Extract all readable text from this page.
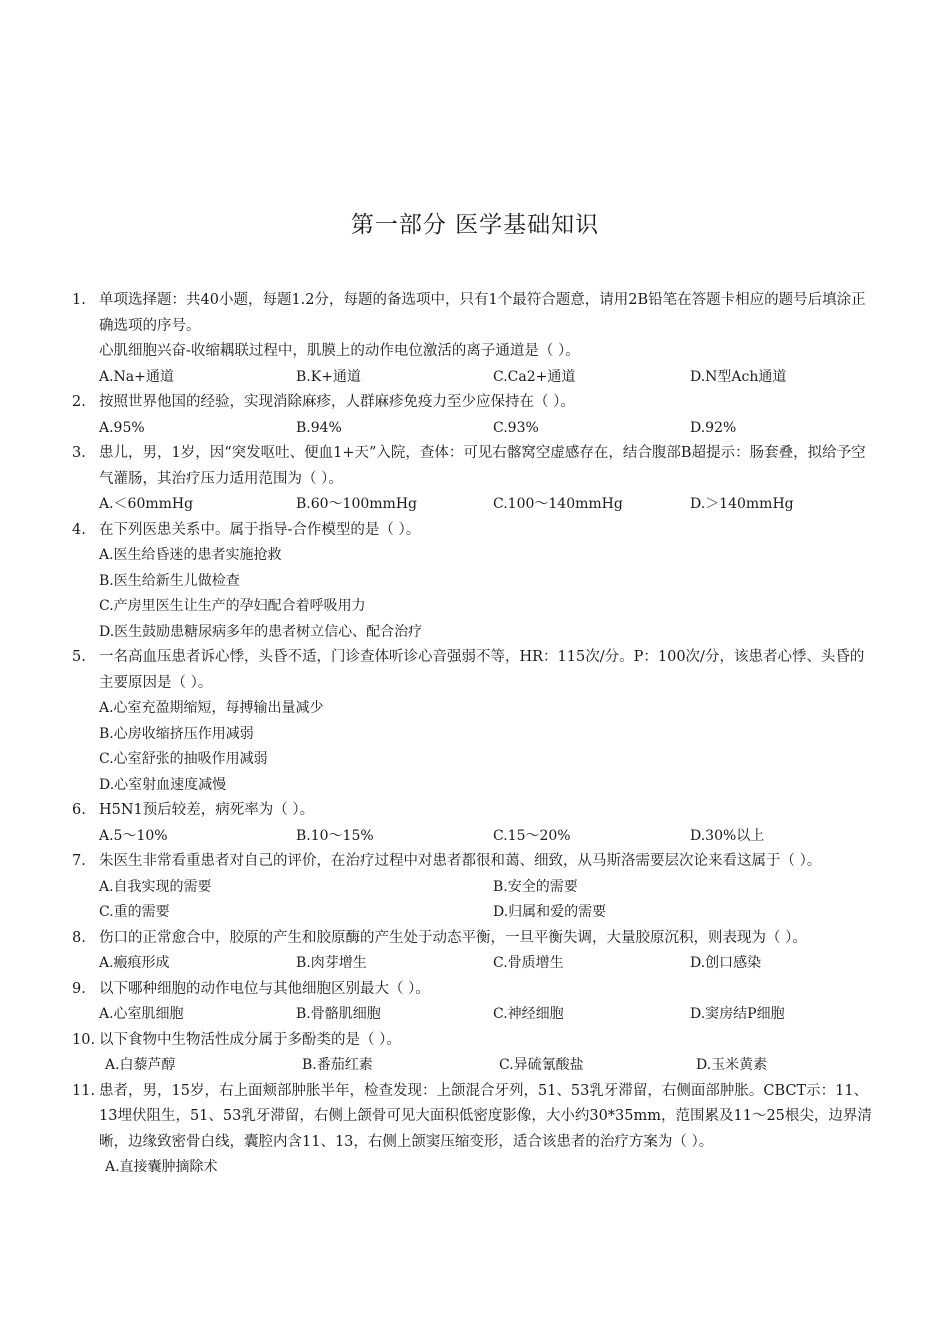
第一部分 医学基础知识
1. 单项选择题：共40小题，每题1.2分，每题的备选项中，只有1个最符合题意，请用2B铅笔在答题卡相应的题号后填涂正确选项的序号。
心肌细胞兴奋-收缩耦联过程中，肌膜上的动作电位激活的离子通道是（ ）。
A.Na+通道	B.K+通道	C.Ca2+通道	D.N型Ach通道
2. 按照世界他国的经验，实现消除麻疹，人群麻疹免疫力至少应保持在（ ）。
A.95%	B.94%	C.93%	D.92%
3. 患儿，男，1岁，因“突发呕吐、便血1+天”入院，查体：可见右髂窝空虚感存在，结合腹部B超提示：肠套叠，拟给予空气灌肠，其治疗压力适用范围为（ ）。
A.＜60mmHg	B.60～100mmHg	C.100～140mmHg	D.＞140mmHg
4. 在下列医患关系中。属于指导-合作模型的是（ ）。
A.医生给昏迷的患者实施抢救
B.医生给新生儿做检查
C.产房里医生让生产的孕妇配合着呼吸用力
D.医生鼓励患糖尿病多年的患者树立信心、配合治疗
5. 一名高血压患者诉心悸，头昏不适，门诊查体听诊心音强弱不等，HR：115次/分。P：100次/分，该患者心悸、头昏的主要原因是（ ）。
A.心室充盈期缩短，每搏输出量减少
B.心房收缩挤压作用减弱
C.心室舒张的抽吸作用减弱
D.心室射血速度减慢
6. H5N1预后较差，病死率为（ ）。
A.5～10%	B.10～15%	C.15～20%	D.30%以上
7. 朱医生非常看重患者对自己的评价，在治疗过程中对患者都很和蔼、细致，从马斯洛需要层次论来看这属于（ ）。
A.自我实现的需要	B.安全的需要
C.重的需要	D.归属和爱的需要
8. 伤口的正常愈合中，胶原的产生和胶原酶的产生处于动态平衡，一旦平衡失调，大量胶原沉积，则表现为（ ）。
A.瘢痕形成	B.肉芽增生	C.骨质增生	D.创口感染
9. 以下哪种细胞的动作电位与其他细胞区别最大（ ）。
A.心室肌细胞	B.骨骼肌细胞	C.神经细胞	D.窦房结P细胞
10. 以下食物中生物活性成分属于多酚类的是（ ）。
A.白藜芦醇	B.番茄红素	C.异硫氰酸盐	D.玉米黄素
11. 患者，男，15岁，右上面颊部肿胀半年，检查发现：上颌混合牙列，51、53乳牙滞留，右侧面部肿胀。CBCT示：11、13埋伏阻生，51、53乳牙滞留，右侧上颌骨可见大面积低密度影像，大小约30*35mm，范围累及11～25根尖，边界清晰，边缘致密骨白线，囊腔内含11、13，右侧上颌窦压缩变形，适合该患者的治疗方案为（ ）。
A.直接囊肿摘除术
